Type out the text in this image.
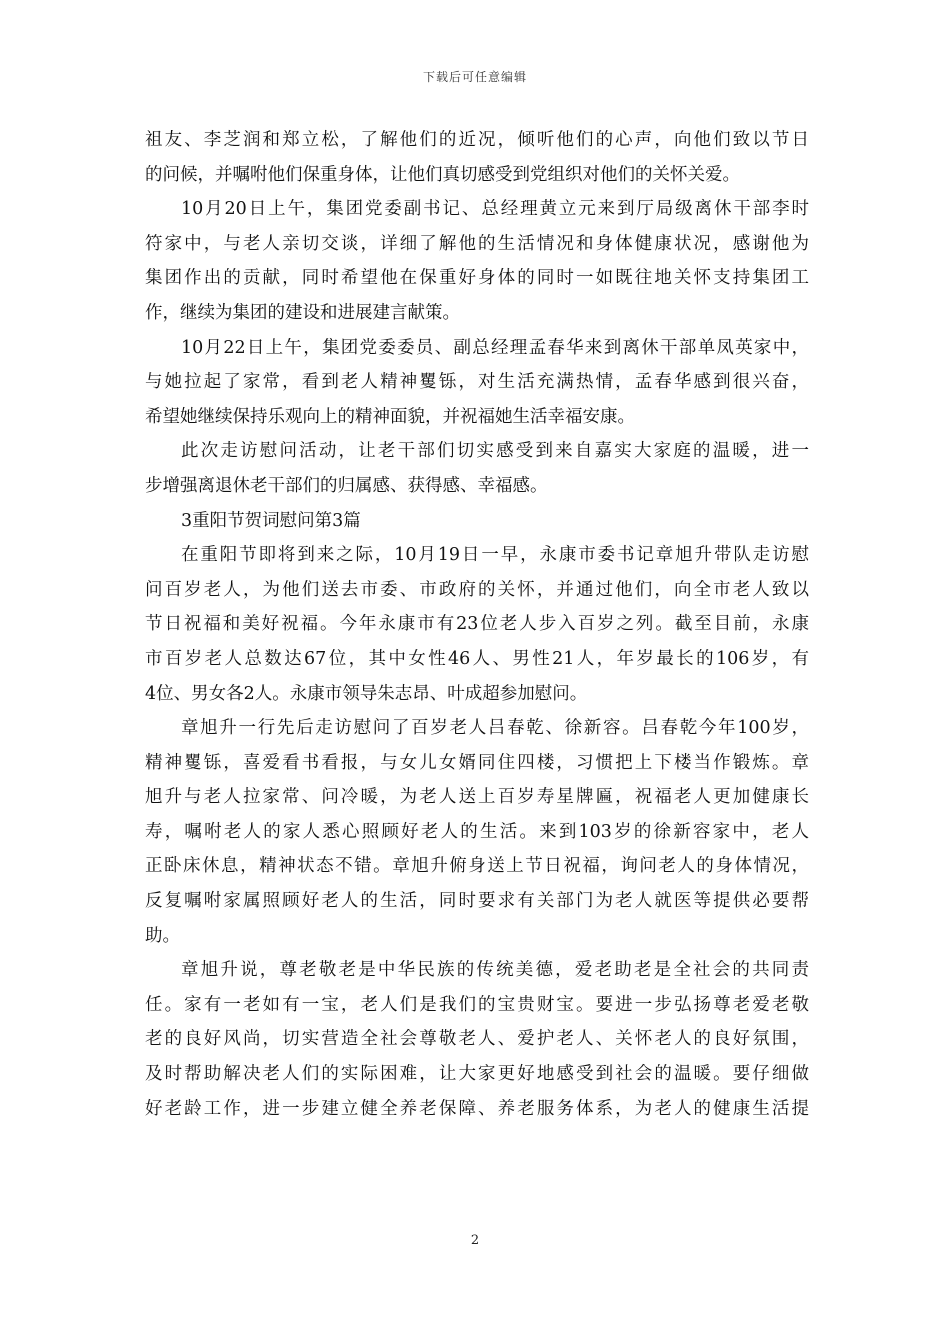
下载后可任意编辑
祖友、李芝润和郑立松，了解他们的近况，倾听他们的心声，向他们致以节日
的问候，并嘱咐他们保重身体，让他们真切感受到党组织对他们的关怀关爱。
10月20日上午，集团党委副书记、总经理黄立元来到厅局级离休干部李时
符家中，与老人亲切交谈，详细了解他的生活情况和身体健康状况，感谢他为
集团作出的贡献，同时希望他在保重好身体的同时一如既往地关怀支持集团工
作，继续为集团的建设和进展建言献策。
10月22日上午，集团党委委员、副总经理孟春华来到离休干部单凤英家中，
与她拉起了家常，看到老人精神矍铄，对生活充满热情，孟春华感到很兴奋，
希望她继续保持乐观向上的精神面貌，并祝福她生活幸福安康。
此次走访慰问活动，让老干部们切实感受到来自嘉实大家庭的温暖，进一
步增强离退休老干部们的归属感、获得感、幸福感。
3重阳节贺词慰问第3篇
在重阳节即将到来之际，10月19日一早，永康市委书记章旭升带队走访慰
问百岁老人，为他们送去市委、市政府的关怀，并通过他们，向全市老人致以
节日祝福和美好祝福。今年永康市有23位老人步入百岁之列。截至目前，永康
市百岁老人总数达67位，其中女性46人、男性21人，年岁最长的106岁，有
4位、男女各2人。永康市领导朱志昂、叶成超参加慰问。
章旭升一行先后走访慰问了百岁老人吕春乾、徐新容。吕春乾今年100岁，
精神矍铄，喜爱看书看报，与女儿女婿同住四楼，习惯把上下楼当作锻炼。章
旭升与老人拉家常、问冷暖，为老人送上百岁寿星牌匾，祝福老人更加健康长
寿，嘱咐老人的家人悉心照顾好老人的生活。来到103岁的徐新容家中，老人
正卧床休息，精神状态不错。章旭升俯身送上节日祝福，询问老人的身体情况，
反复嘱咐家属照顾好老人的生活，同时要求有关部门为老人就医等提供必要帮
助。
章旭升说，尊老敬老是中华民族的传统美德，爱老助老是全社会的共同责
任。家有一老如有一宝，老人们是我们的宝贵财宝。要进一步弘扬尊老爱老敬
老的良好风尚，切实营造全社会尊敬老人、爱护老人、关怀老人的良好氛围，
及时帮助解决老人们的实际困难，让大家更好地感受到社会的温暖。要仔细做
好老龄工作，进一步建立健全养老保障、养老服务体系，为老人的健康生活提
2
